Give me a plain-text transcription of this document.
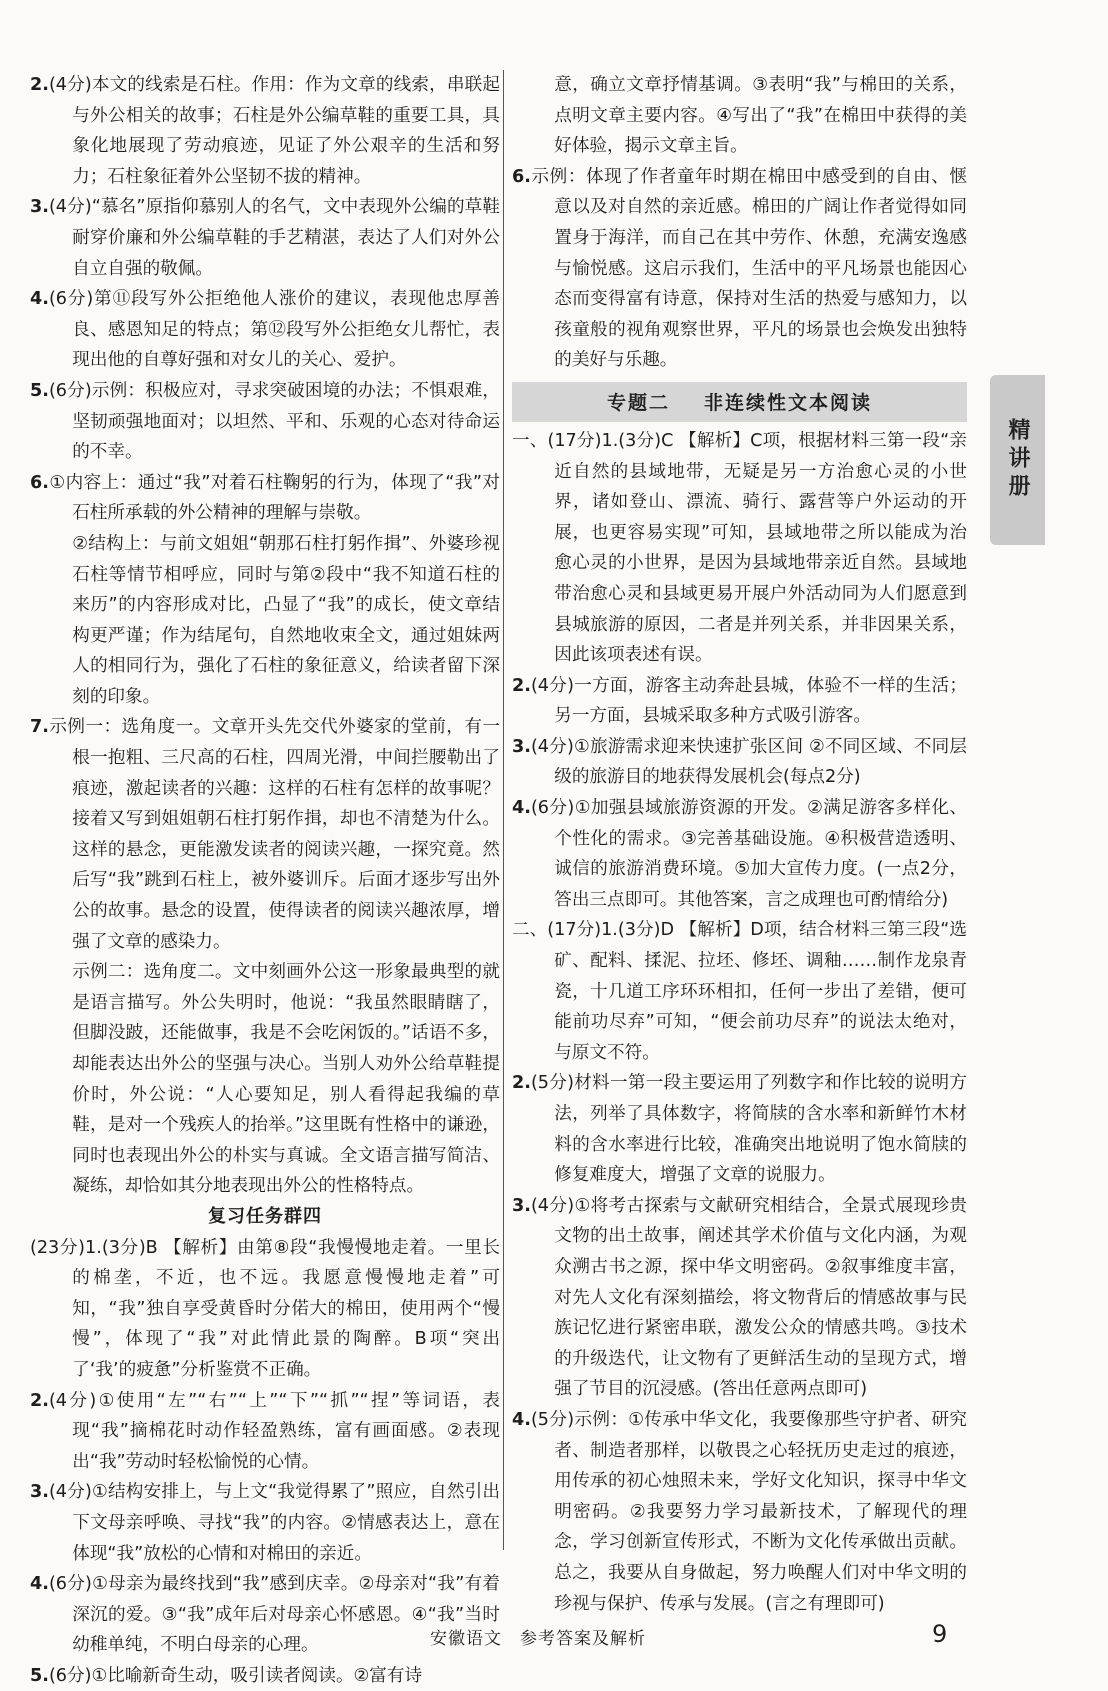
2.(4分)本文的线索是石柱。作用：作为文章的线索，串联起与外公相关的故事；石柱是外公编草鞋的重要工具，具象化地展现了劳动痕迹，见证了外公艰辛的生活和努力；石柱象征着外公坚韧不拔的精神。

3.(4分)“慕名”原指仰慕别人的名气，文中表现外公编的草鞋耐穿价廉和外公编草鞋的手艺精湛，表达了人们对外公自立自强的敬佩。

4.(6分)第⑪段写外公拒绝他人涨价的建议，表现他忠厚善良、感恩知足的特点；第⑫段写外公拒绝女儿帮忙，表现出他的自尊好强和对女儿的关心、爱护。

5.(6分)示例：积极应对，寻求突破困境的办法；不惧艰难，坚韧顽强地面对；以坦然、平和、乐观的心态对待命运的不幸。

6.①内容上：通过“我”对着石柱鞠躬的行为，体现了“我”对石柱所承载的外公精神的理解与崇敬。

②结构上：与前文姐姐“朝那石柱打躬作揖”、外婆珍视石柱等情节相呼应，同时与第②段中“我不知道石柱的来历”的内容形成对比，凸显了“我”的成长，使文章结构更严谨；作为结尾句，自然地收束全文，通过姐妹两人的相同行为，强化了石柱的象征意义，给读者留下深刻的印象。

7.示例一：选角度一。文章开头先交代外婆家的堂前，有一根一抱粗、三尺高的石柱，四周光滑，中间拦腰勒出了痕迹，激起读者的兴趣：这样的石柱有怎样的故事呢？接着又写到姐姐朝石柱打躬作揖，却也不清楚为什么。这样的悬念，更能激发读者的阅读兴趣，一探究竟。然后写“我”跳到石柱上，被外婆训斥。后面才逐步写出外公的故事。悬念的设置，使得读者的阅读兴趣浓厚，增强了文章的感染力。

示例二：选角度二。文中刻画外公这一形象最典型的就是语言描写。外公失明时，他说：“我虽然眼睛瞎了，但脚没跛，还能做事，我是不会吃闲饭的。”话语不多，却能表达出外公的坚强与决心。当别人劝外公给草鞋提价时，外公说：“人心要知足，别人看得起我编的草鞋，是对一个残疾人的抬举。”这里既有性格中的谦逊，同时也表现出外公的朴实与真诚。全文语言描写简洁、凝练，却恰如其分地表现出外公的性格特点。

复习任务群四

(23分)1.(3分)B 【解析】由第⑧段“我慢慢地走着。一里长的棉垄，不近，也不远。我愿意慢慢地走着”可知，“我”独自享受黄昏时分偌大的棉田，使用两个“慢慢”，体现了“我”对此情此景的陶醉。B项“突出了‘我’的疲惫”分析鉴赏不正确。

2.(4分)①使用“左”“右”“上”“下”“抓”“捏”等词语，表现“我”摘棉花时动作轻盈熟练，富有画面感。②表现出“我”劳动时轻松愉悦的心情。

3.(4分)①结构安排上，与上文“我觉得累了”照应，自然引出下文母亲呼唤、寻找“我”的内容。②情感表达上，意在体现“我”放松的心情和对棉田的亲近。

4.(6分)①母亲为最终找到“我”感到庆幸。②母亲对“我”有着深沉的爱。③“我”成年后对母亲心怀感恩。④“我”当时幼稚单纯，不明白母亲的心理。

5.(6分)①比喻新奇生动，吸引读者阅读。②富有诗

意，确立文章抒情基调。③表明“我”与棉田的关系，点明文章主要内容。④写出了“我”在棉田中获得的美好体验，揭示文章主旨。

6.示例：体现了作者童年时期在棉田中感受到的自由、惬意以及对自然的亲近感。棉田的广阔让作者觉得如同置身于海洋，而自己在其中劳作、休憩，充满安逸感与愉悦感。这启示我们，生活中的平凡场景也能因心态而变得富有诗意，保持对生活的热爱与感知力，以孩童般的视角观察世界，平凡的场景也会焕发出独特的美好与乐趣。

专题二 非连续性文本阅读

一、(17分)1.(3分)C 【解析】C项，根据材料三第一段“亲近自然的县域地带，无疑是另一方治愈心灵的小世界，诸如登山、漂流、骑行、露营等户外运动的开展，也更容易实现”可知，县域地带之所以能成为治愈心灵的小世界，是因为县域地带亲近自然。县域地带治愈心灵和县域更易开展户外活动同为人们愿意到县城旅游的原因，二者是并列关系，并非因果关系，因此该项表述有误。

2.(4分)一方面，游客主动奔赴县城，体验不一样的生活；另一方面，县城采取多种方式吸引游客。

3.(4分)①旅游需求迎来快速扩张区间 ②不同区域、不同层级的旅游目的地获得发展机会(每点2分)

4.(6分)①加强县域旅游资源的开发。②满足游客多样化、个性化的需求。③完善基础设施。④积极营造透明、诚信的旅游消费环境。⑤加大宣传力度。(一点2分，答出三点即可。其他答案，言之成理也可酌情给分)

二、(17分)1.(3分)D 【解析】D项，结合材料三第三段“选矿、配料、揉泥、拉坯、修坯、调釉……制作龙泉青瓷，十几道工序环环相扣，任何一步出了差错，便可能前功尽弃”可知，“便会前功尽弃”的说法太绝对，与原文不符。

2.(5分)材料一第一段主要运用了列数字和作比较的说明方法，列举了具体数字，将简牍的含水率和新鲜竹木材料的含水率进行比较，准确突出地说明了饱水简牍的修复难度大，增强了文章的说服力。

3.(4分)①将考古探索与文献研究相结合，全景式展现珍贵文物的出土故事，阐述其学术价值与文化内涵，为观众溯古书之源，探中华文明密码。②叙事维度丰富，对先人文化有深刻描绘，将文物背后的情感故事与民族记忆进行紧密串联，激发公众的情感共鸣。③技术的升级迭代，让文物有了更鲜活生动的呈现方式，增强了节目的沉浸感。(答出任意两点即可)

4.(5分)示例：①传承中华文化，我要像那些守护者、研究者、制造者那样，以敬畏之心轻抚历史走过的痕迹，用传承的初心烛照未来，学好文化知识，探寻中华文明密码。②我要努力学习最新技术，了解现代的理念，学习创新宣传形式，不断为文化传承做出贡献。总之，我要从自身做起，努力唤醒人们对中华文明的珍视与保护、传承与发展。(言之有理即可)

精讲册
安徽语文　参考答案及解析	9
